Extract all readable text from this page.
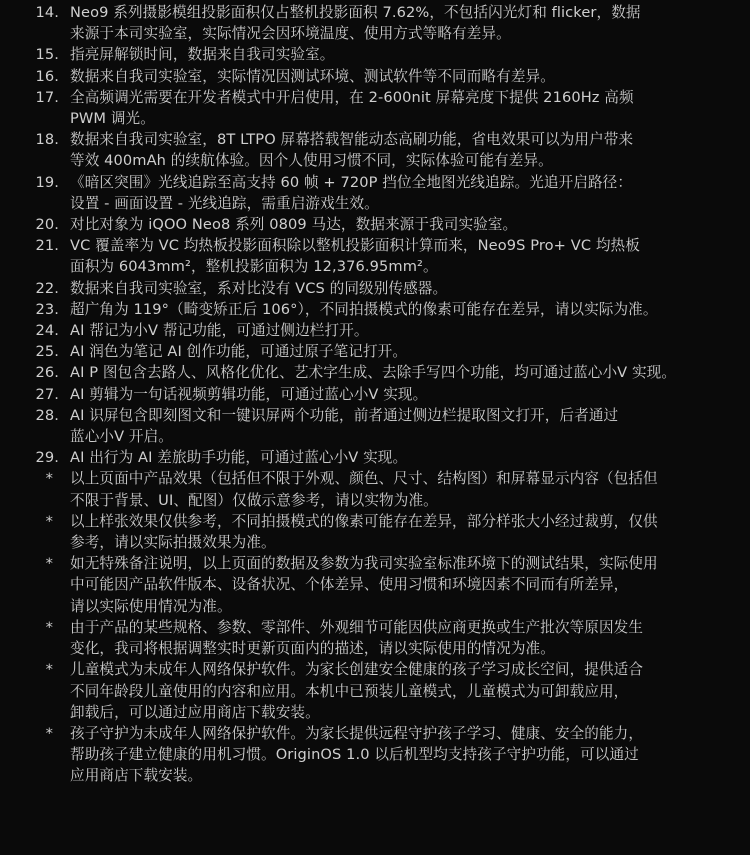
14. Neo9 系列摄影模组投影面积仅占整机投影面积 7.62%，不包括闪光灯和 flicker，数据
来源于本司实验室，实际情况会因环境温度、使用方式等略有差异。
15. 指亮屏解锁时间，数据来自我司实验室。
16. 数据来自我司实验室，实际情况因测试环境、测试软件等不同而略有差异。
17. 全高频调光需要在开发者模式中开启使用，在 2-600nit 屏幕亮度下提供 2160Hz 高频
PWM 调光。
18. 数据来自我司实验室，8T LTPO 屏幕搭载智能动态高刷功能，省电效果可以为用户带来
等效 400mAh 的续航体验。因个人使用习惯不同，实际体验可能有差异。
19. 《暗区突围》光线追踪至高支持 60 帧 + 720P 挡位全地图光线追踪。光追开启路径：
设置 - 画面设置 - 光线追踪，需重启游戏生效。
20. 对比对象为 iQOO Neo8 系列 0809 马达，数据来源于我司实验室。
21. VC 覆盖率为 VC 均热板投影面积除以整机投影面积计算而来，Neo9S Pro+ VC 均热板
面积为 6043mm²，整机投影面积为 12,376.95mm²。
22. 数据来自我司实验室，系对比没有 VCS 的同级别传感器。
23. 超广角为 119°（畸变矫正后 106°），不同拍摄模式的像素可能存在差异，请以实际为准。
24. AI 帮记为小V 帮记功能，可通过侧边栏打开。
25. AI 润色为笔记 AI 创作功能，可通过原子笔记打开。
26. AI P 图包含去路人、风格化优化、艺术字生成、去除手写四个功能，均可通过蓝心小V 实现。
27. AI 剪辑为一句话视频剪辑功能，可通过蓝心小V 实现。
28. AI 识屏包含即刻图文和一键识屏两个功能，前者通过侧边栏提取图文打开，后者通过
蓝心小V 开启。
29. AI 出行为 AI 差旅助手功能，可通过蓝心小V 实现。
*	以上页面中产品效果（包括但不限于外观、颜色、尺寸、结构图）和屏幕显示内容（包括但
不限于背景、UI、配图）仅做示意参考，请以实物为准。
*	以上样张效果仅供参考，不同拍摄模式的像素可能存在差异，部分样张大小经过裁剪，仅供
参考，请以实际拍摄效果为准。
*	如无特殊备注说明，以上页面的数据及参数为我司实验室标准环境下的测试结果，实际使用
中可能因产品软件版本、设备状况、个体差异、使用习惯和环境因素不同而有所差异，
请以实际使用情况为准。
*	由于产品的某些规格、参数、零部件、外观细节可能因供应商更换或生产批次等原因发生
变化，我司将根据调整实时更新页面内的描述，请以实际使用的情况为准。
*	儿童模式为未成年人网络保护软件。为家长创建安全健康的孩子学习成长空间，提供适合
不同年龄段儿童使用的内容和应用。本机中已预装儿童模式，儿童模式为可卸载应用，
卸载后，可以通过应用商店下载安装。
*	孩子守护为未成年人网络保护软件。为家长提供远程守护孩子学习、健康、安全的能力，
帮助孩子建立健康的用机习惯。OriginOS 1.0 以后机型均支持孩子守护功能，可以通过
应用商店下载安装。
